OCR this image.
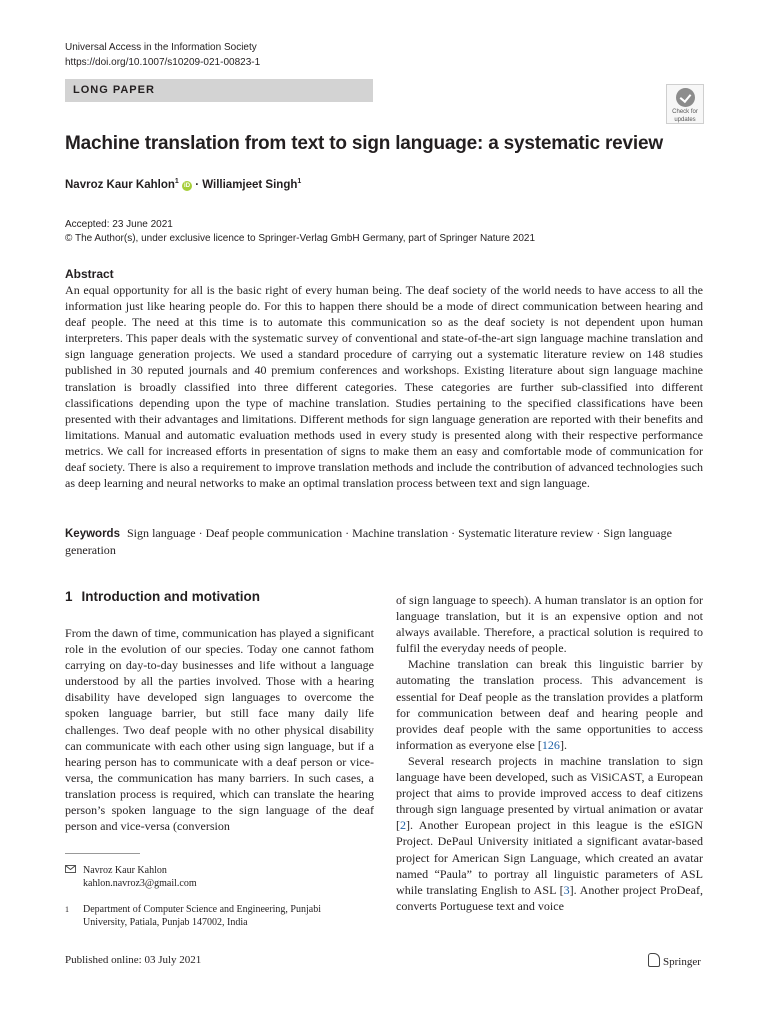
Universal Access in the Information Society
https://doi.org/10.1007/s10209-021-00823-1
LONG PAPER
Check for
updates
Machine translation from text to sign language: a systematic review
Navroz Kaur Kahlon$^1$ iD · Williamjeet Singh$^1$
Accepted: 23 June 2021
© The Author(s), under exclusive licence to Springer-Verlag GmbH Germany, part of Springer Nature 2021
Abstract
An equal opportunity for all is the basic right of every human being. The deaf society of the world needs to have access to all the information just like hearing people do. For this to happen there should be a mode of direct communication between hearing and deaf people. The need at this time is to automate this communication so as the deaf society is not dependent upon human interpreters. This paper deals with the systematic survey of conventional and state-of-the-art sign language machine translation and sign language generation projects. We used a standard procedure of carrying out a systematic literature review on 148 studies published in 30 reputed journals and 40 premium conferences and workshops. Existing literature about sign language machine translation is broadly classified into three different categories. These categories are further sub-classified into different classifications depending upon the type of machine translation. Studies pertaining to the specified classifications have been presented with their advantages and limitations. Different methods for sign language generation are reported with their benefits and limitations. Manual and automatic evaluation methods used in every study is presented along with their respective performance metrics. We call for increased efforts in presentation of signs to make them an easy and comfortable mode of communication for deaf society. There is also a requirement to improve translation methods and include the contribution of advanced technologies such as deep learning and neural networks to make an optimal translation process between text and sign language.
Keywords Sign language · Deaf people communication · Machine translation · Systematic literature review · Sign language generation
1 Introduction and motivation

From the dawn of time, communication has played a significant role in the evolution of our species. Today one cannot fathom carrying on day-to-day businesses and life without a language understood by all the parties involved. Those with a hearing disability have developed sign languages to overcome the spoken language barrier, but still face many daily life challenges. Two deaf people with no other physical disability can communicate with each other using sign language, but if a hearing person has to communicate with a deaf person or vice-versa, the communication has many barriers. In such cases, a translation process is required, which can translate the hearing person’s spoken language to the sign language of the deaf person and vice-versa (conversion

of sign language to speech). A human translator is an option for language translation, but it is an expensive option and not always available. Therefore, a practical solution is required to fulfil the everyday needs of people.

Machine translation can break this linguistic barrier by automating the translation process. This advancement is essential for Deaf people as the translation provides a platform for communication between deaf and hearing people and provides deaf people with the same opportunities to access information as everyone else [126].

Several research projects in machine translation to sign language have been developed, such as ViSiCAST, a European project that aims to provide improved access to deaf citizens through sign language presented by virtual animation or avatar [2]. Another European project in this league is the eSIGN Project. DePaul University initiated a significant avatar-based project for American Sign Language, which created an avatar named “Paula” to portray all linguistic parameters of ASL while translating English to ASL [3]. Another project ProDeaf, converts Portuguese text and voice

Navroz Kaur Kahlon
kahlon.navroz3@gmail.com
1 Department of Computer Science and Engineering, Punjabi
University, Patiala, Punjab 147002, India
Published online: 03 July 2021	Springer
